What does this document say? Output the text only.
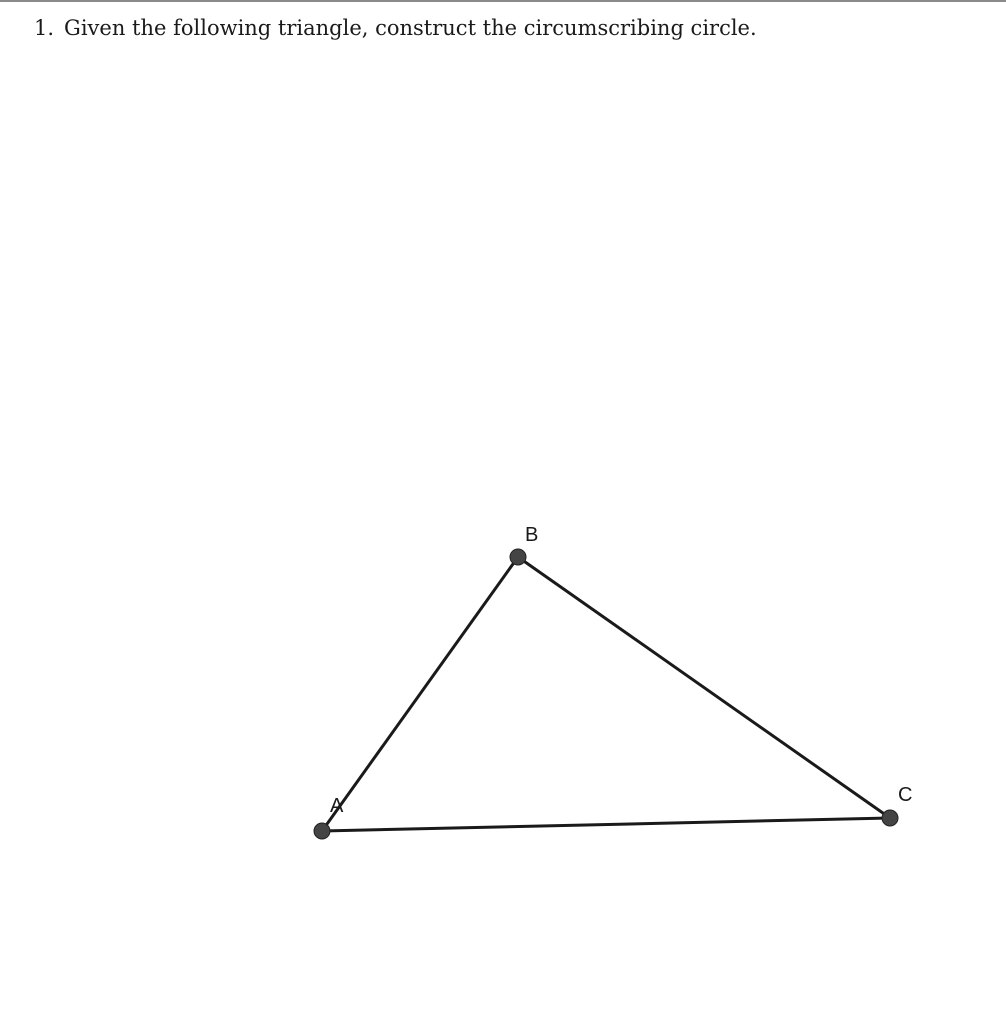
1. Given the following triangle, construct the circumscribing circle.
A
B
C
